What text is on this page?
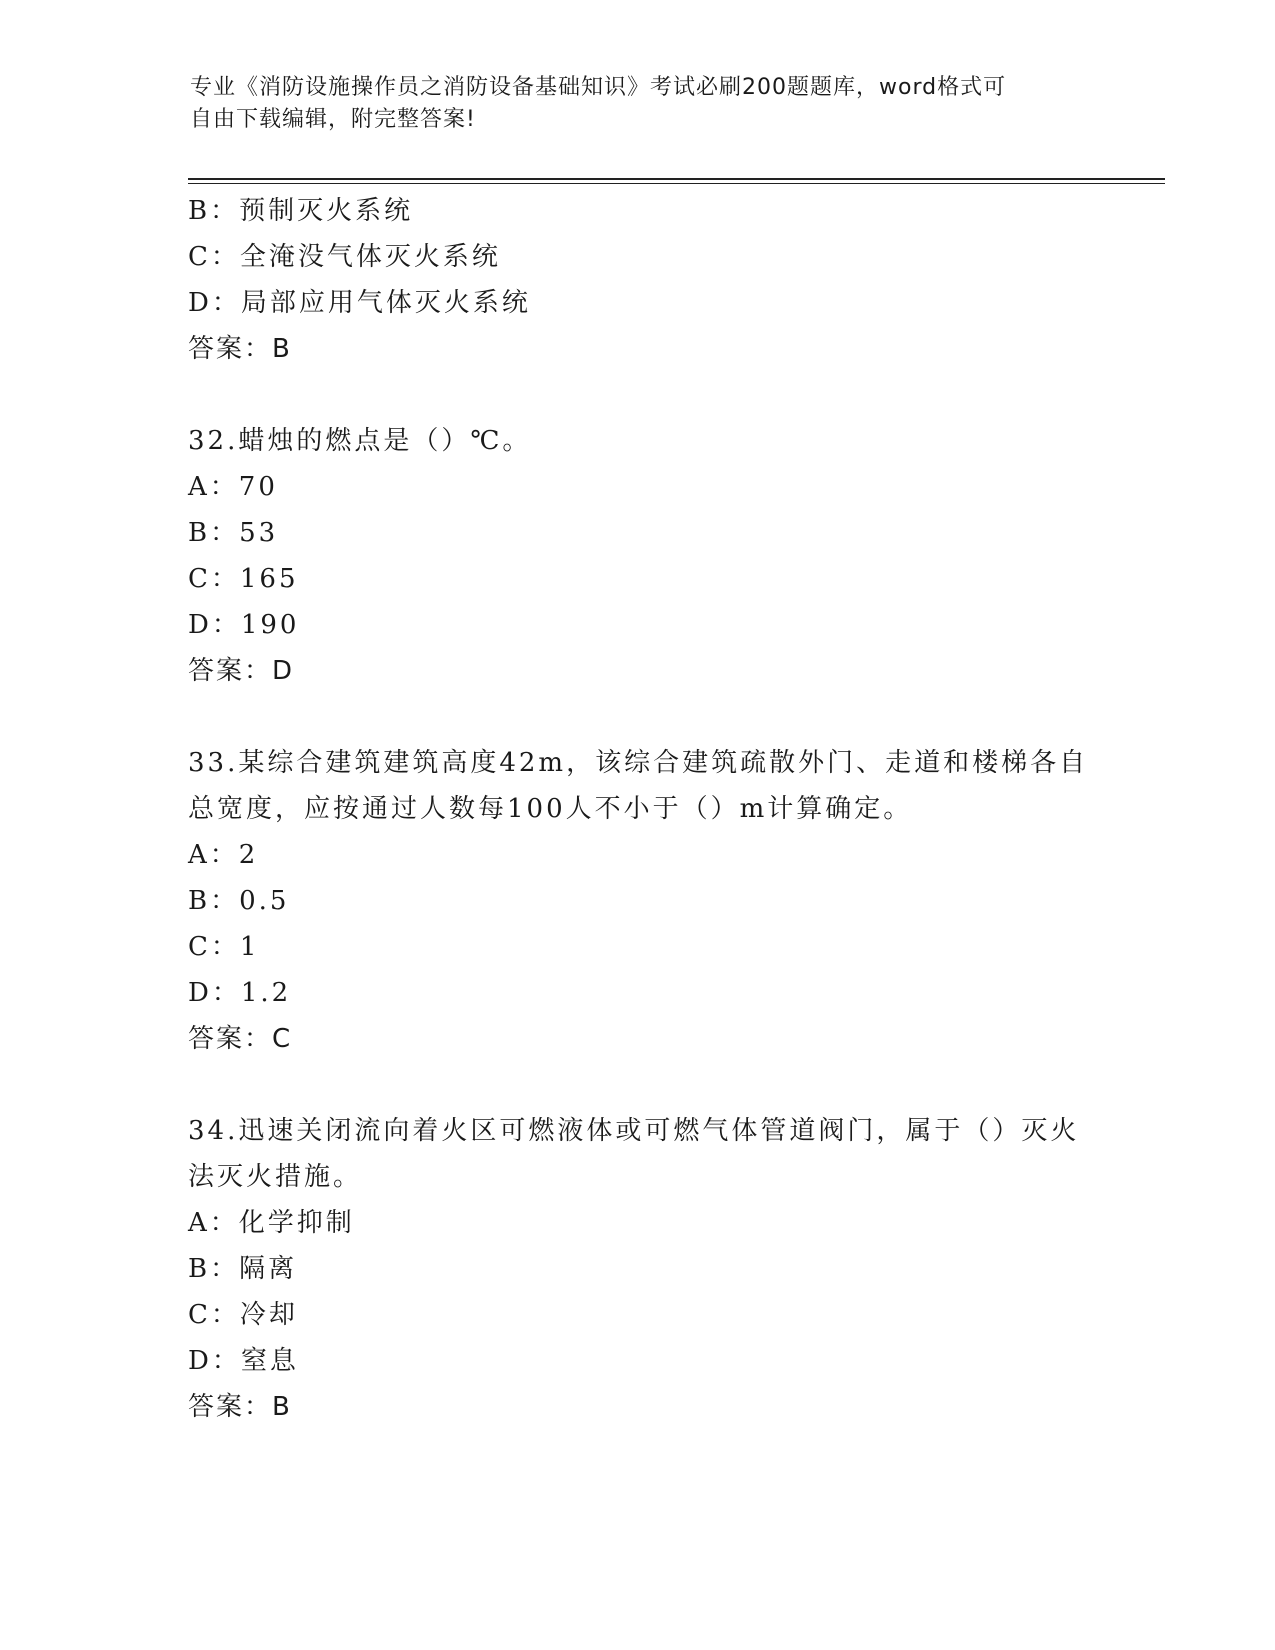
专业《消防设施操作员之消防设备基础知识》考试必刷200题题库，word格式可
自由下载编辑，附完整答案!
B：预制灭火系统
C：全淹没气体灭火系统
D：局部应用气体灭火系统
答案：B
32.蜡烛的燃点是（）℃。
A：70
B：53
C：165
D：190
答案：D
33.某综合建筑建筑高度42m，该综合建筑疏散外门、走道和楼梯各自
总宽度，应按通过人数每100人不小于（）m计算确定。
A：2
B：0.5
C：1
D：1.2
答案：C
34.迅速关闭流向着火区可燃液体或可燃气体管道阀门，属于（）灭火
法灭火措施。
A：化学抑制
B：隔离
C：冷却
D：窒息
答案：B
